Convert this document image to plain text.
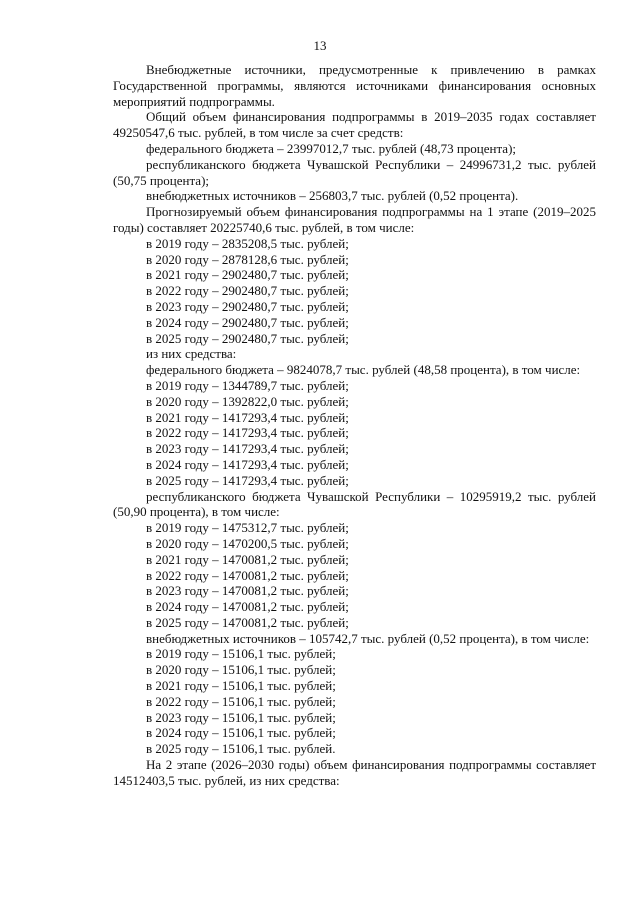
13

Внебюджетные источники, предусмотренные к привлечению в рамках Государственной программы, являются источниками финансирования основных мероприятий подпрограммы.

Общий объем финансирования подпрограммы в 2019–2035 годах составляет 49250547,6 тыс. рублей, в том числе за счет средств:

федерального бюджета – 23997012,7 тыс. рублей (48,73 процента);

республиканского бюджета Чувашской Республики – 24996731,2 тыс. рублей (50,75 процента);

внебюджетных источников – 256803,7 тыс. рублей (0,52 процента).

Прогнозируемый объем финансирования подпрограммы на 1 этапе (2019–2025 годы) составляет 20225740,6 тыс. рублей, в том числе:

в 2019 году – 2835208,5 тыс. рублей;

в 2020 году – 2878128,6 тыс. рублей;

в 2021 году – 2902480,7 тыс. рублей;

в 2022 году – 2902480,7 тыс. рублей;

в 2023 году – 2902480,7 тыс. рублей;

в 2024 году – 2902480,7 тыс. рублей;

в 2025 году – 2902480,7 тыс. рублей;

из них средства:

федерального бюджета – 9824078,7 тыс. рублей (48,58 процента), в том числе:

в 2019 году – 1344789,7 тыс. рублей;

в 2020 году – 1392822,0 тыс. рублей;

в 2021 году – 1417293,4 тыс. рублей;

в 2022 году – 1417293,4 тыс. рублей;

в 2023 году – 1417293,4 тыс. рублей;

в 2024 году – 1417293,4 тыс. рублей;

в 2025 году – 1417293,4 тыс. рублей;

республиканского бюджета Чувашской Республики – 10295919,2 тыс. рублей (50,90 процента), в том числе:

в 2019 году – 1475312,7 тыс. рублей;

в 2020 году – 1470200,5 тыс. рублей;

в 2021 году – 1470081,2 тыс. рублей;

в 2022 году – 1470081,2 тыс. рублей;

в 2023 году – 1470081,2 тыс. рублей;

в 2024 году – 1470081,2 тыс. рублей;

в 2025 году – 1470081,2 тыс. рублей;

внебюджетных источников – 105742,7 тыс. рублей (0,52 процента), в том числе:

в 2019 году – 15106,1 тыс. рублей;

в 2020 году – 15106,1 тыс. рублей;

в 2021 году – 15106,1 тыс. рублей;

в 2022 году – 15106,1 тыс. рублей;

в 2023 году – 15106,1 тыс. рублей;

в 2024 году – 15106,1 тыс. рублей;

в 2025 году – 15106,1 тыс. рублей.

На 2 этапе (2026–2030 годы) объем финансирования подпрограммы составляет 14512403,5 тыс. рублей, из них средства:
